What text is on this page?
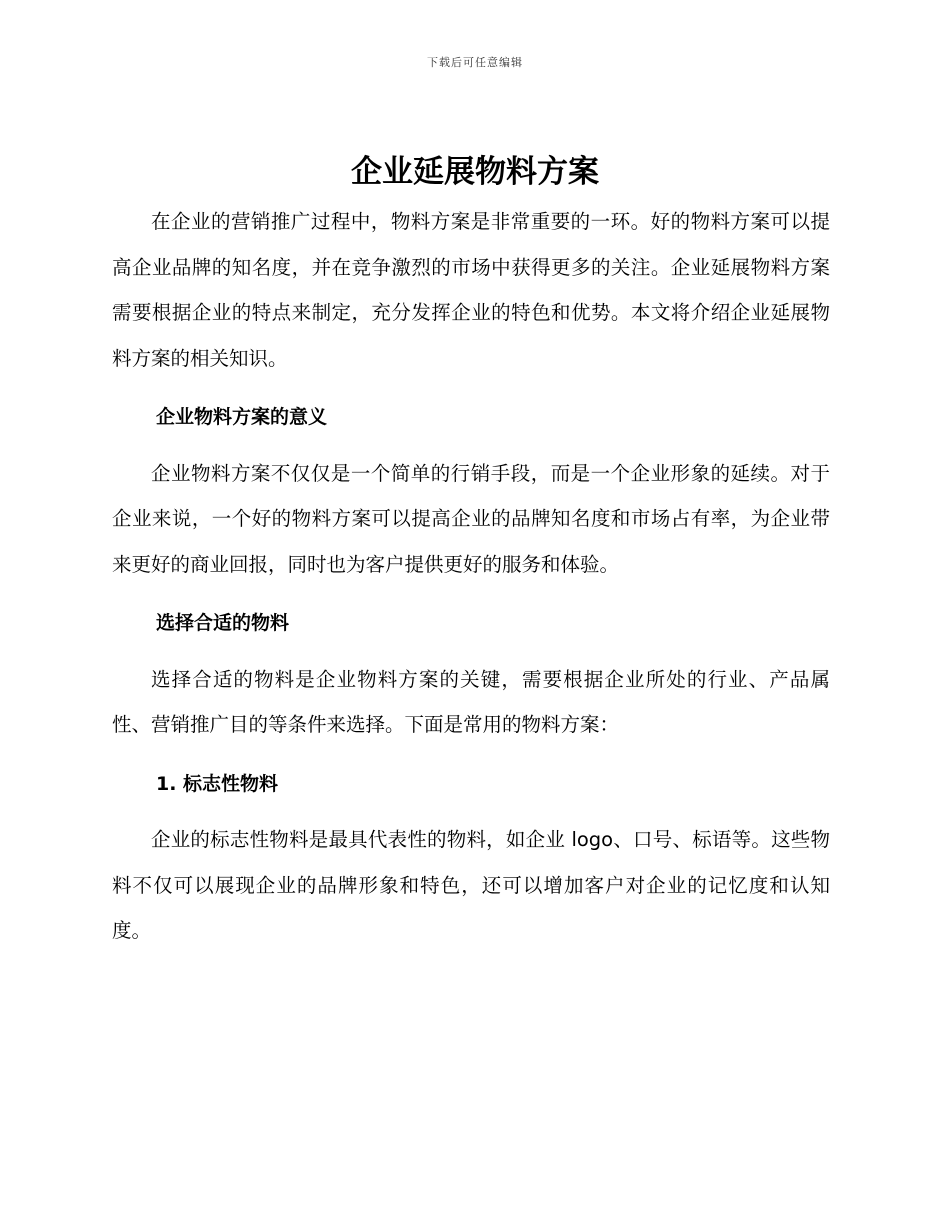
下载后可任意编辑
企业延展物料方案

在企业的营销推广过程中，物料方案是非常重要的一环。好的物料方案可以提高企业品牌的知名度，并在竞争激烈的市场中获得更多的关注。企业延展物料方案需要根据企业的特点来制定，充分发挥企业的特色和优势。本文将介绍企业延展物料方案的相关知识。

企业物料方案的意义

企业物料方案不仅仅是一个简单的行销手段，而是一个企业形象的延续。对于企业来说，一个好的物料方案可以提高企业的品牌知名度和市场占有率，为企业带来更好的商业回报，同时也为客户提供更好的服务和体验。

选择合适的物料

选择合适的物料是企业物料方案的关键，需要根据企业所处的行业、产品属性、营销推广目的等条件来选择。下面是常用的物料方案：

1. 标志性物料

企业的标志性物料是最具代表性的物料，如企业 logo、口号、标语等。这些物料不仅可以展现企业的品牌形象和特色，还可以增加客户对企业的记忆度和认知度。
